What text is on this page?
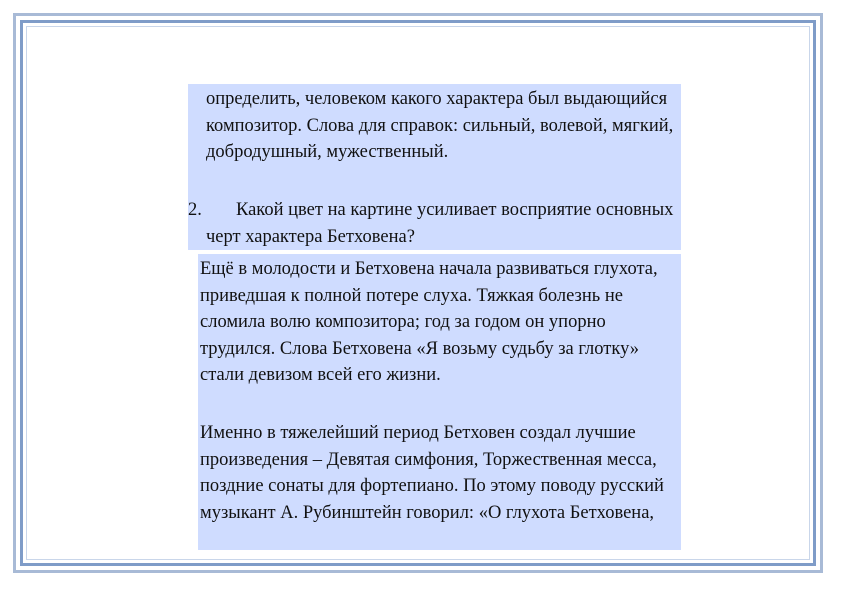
определить, человеком какого характера был выдающийся композитор. Слова для справок: сильный, волевой, мягкий, добродушный, мужественный.

2.	Какой цвет на картине усиливает восприятие основных черт характера Бетховена?

Ещё в молодости и Бетховена начала развиваться глухота, приведшая к полной потере слуха. Тяжкая болезнь не сломила волю композитора; год за годом он упорно трудился. Слова Бетховена «Я возьму судьбу за глотку» стали девизом всей его жизни.

Именно в тяжелейший период Бетховен создал лучшие произведения – Девятая симфония, Торжественная месса, поздние сонаты для фортепиано. По этому поводу русский музыкант А. Рубинштейн говорил: «О глухота Бетховена,
